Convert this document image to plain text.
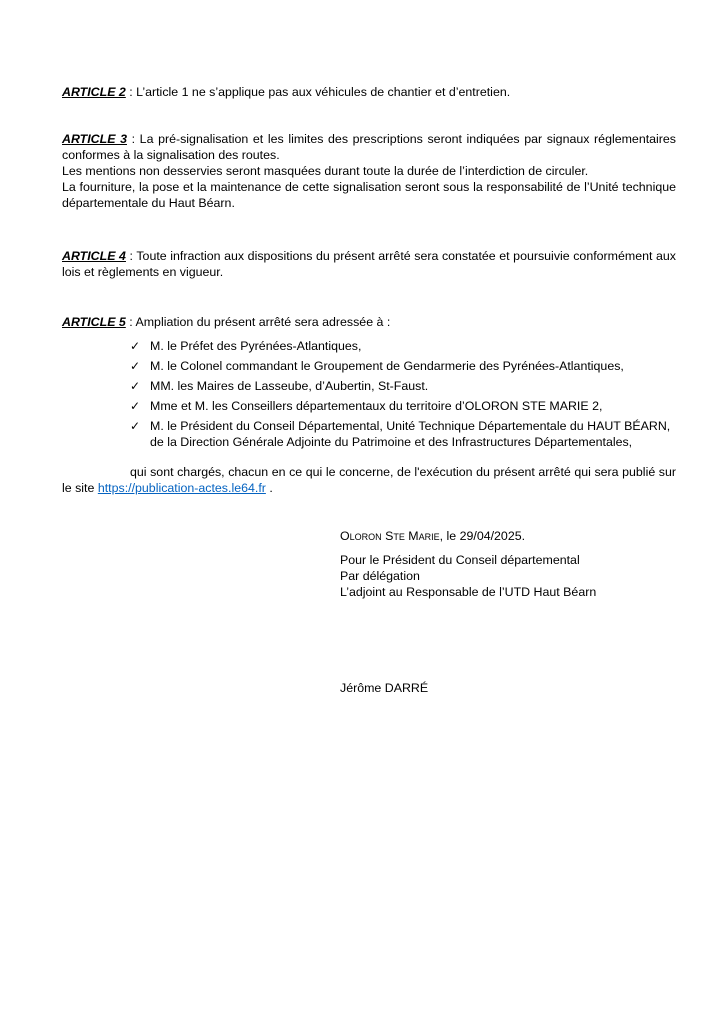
ARTICLE 2 : L’article 1 ne s’applique pas aux véhicules de chantier et d’entretien.

ARTICLE 3 : La pré-signalisation et les limites des prescriptions seront indiquées par signaux réglementaires conformes à la signalisation des routes.

Les mentions non desservies seront masquées durant toute la durée de l’interdiction de circuler.

La fourniture, la pose et la maintenance de cette signalisation seront sous la responsabilité de l’Unité technique départementale du Haut Béarn.

ARTICLE 4 : Toute infraction aux dispositions du présent arrêté sera constatée et poursuivie conformément aux lois et règlements en vigueur.

ARTICLE 5 : Ampliation du présent arrêté sera adressée à :

✓ M. le Préfet des Pyrénées-Atlantiques,
✓ M. le Colonel commandant le Groupement de Gendarmerie des Pyrénées-Atlantiques,
✓ MM. les Maires de Lasseube, d’Aubertin, St-Faust.
✓ Mme et M. les Conseillers départementaux du territoire d’OLORON STE MARIE 2,
✓ M. le Président du Conseil Départemental, Unité Technique Départementale du HAUT BÉARN, de la Direction Générale Adjointe du Patrimoine et des Infrastructures Départementales,

qui sont chargés, chacun en ce qui le concerne, de l'exécution du présent arrêté qui sera publié sur le site https://publication-actes.le64.fr .

Oloron Ste Marie, le 29/04/2025.

Pour le Président du Conseil départemental

Par délégation

L’adjoint au Responsable de l’UTD Haut Béarn

Jérôme DARRÉ
